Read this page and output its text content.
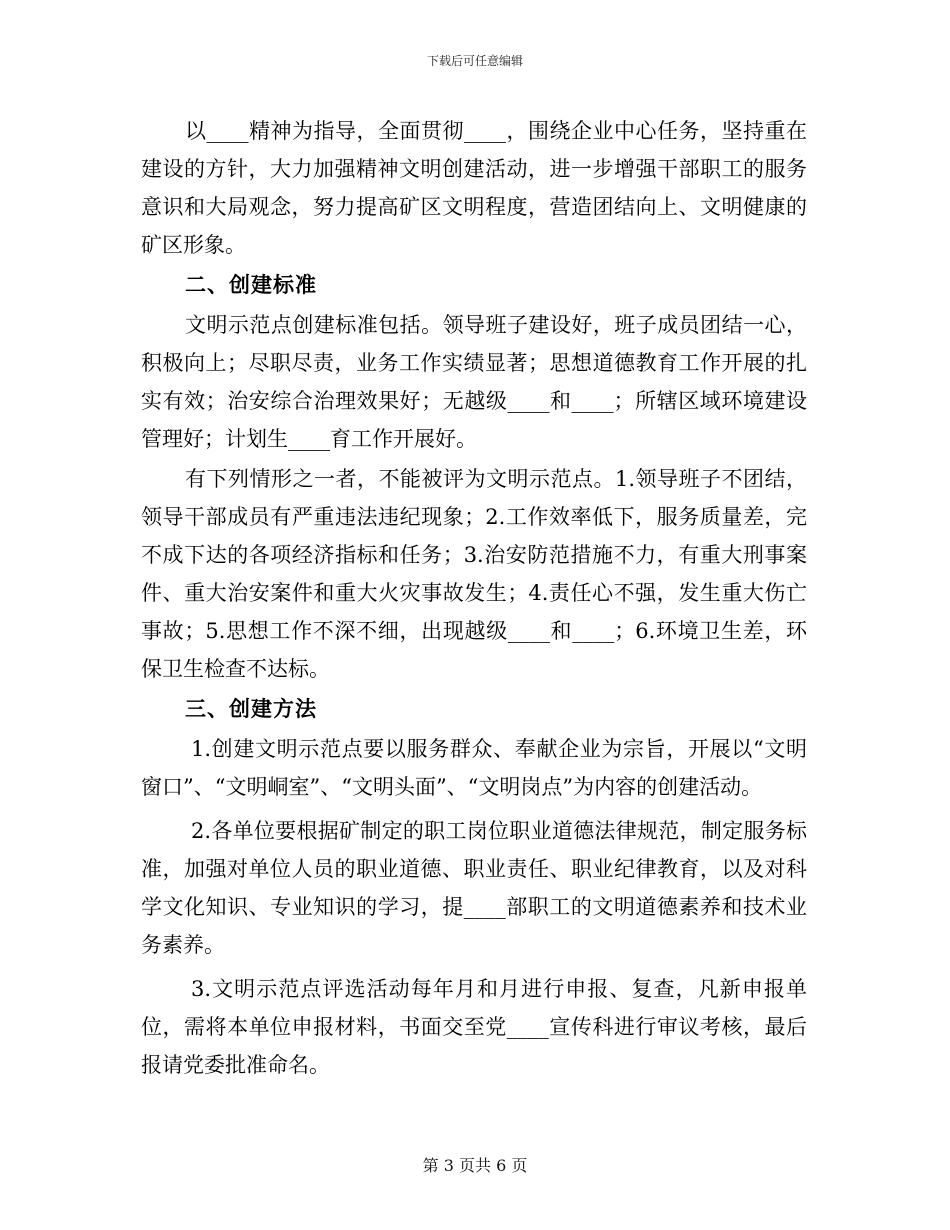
下载后可任意编辑

以____精神为指导，全面贯彻____，围绕企业中心任务，坚持重在建设的方针，大力加强精神文明创建活动，进一步增强干部职工的服务意识和大局观念，努力提高矿区文明程度，营造团结向上、文明健康的矿区形象。

二、创建标准

文明示范点创建标准包括。领导班子建设好，班子成员团结一心，积极向上；尽职尽责，业务工作实绩显著；思想道德教育工作开展的扎实有效；治安综合治理效果好；无越级____和____；所辖区域环境建设管理好；计划生____育工作开展好。

有下列情形之一者，不能被评为文明示范点。1.领导班子不团结，领导干部成员有严重违法违纪现象；2.工作效率低下，服务质量差，完不成下达的各项经济指标和任务；3.治安防范措施不力，有重大刑事案件、重大治安案件和重大火灾事故发生；4.责任心不强，发生重大伤亡事故；5.思想工作不深不细，出现越级____和____；6.环境卫生差，环保卫生检查不达标。

三、创建方法

1.创建文明示范点要以服务群众、奉献企业为宗旨，开展以“文明窗口”、“文明峒室”、“文明头面”、“文明岗点”为内容的创建活动。

2.各单位要根据矿制定的职工岗位职业道德法律规范，制定服务标准，加强对单位人员的职业道德、职业责任、职业纪律教育，以及对科学文化知识、专业知识的学习，提____部职工的文明道德素养和技术业务素养。

3.文明示范点评选活动每年月和月进行申报、复查，凡新申报单位，需将本单位申报材料，书面交至党____宣传科进行审议考核，最后报请党委批准命名。

第 3 页共 6 页
